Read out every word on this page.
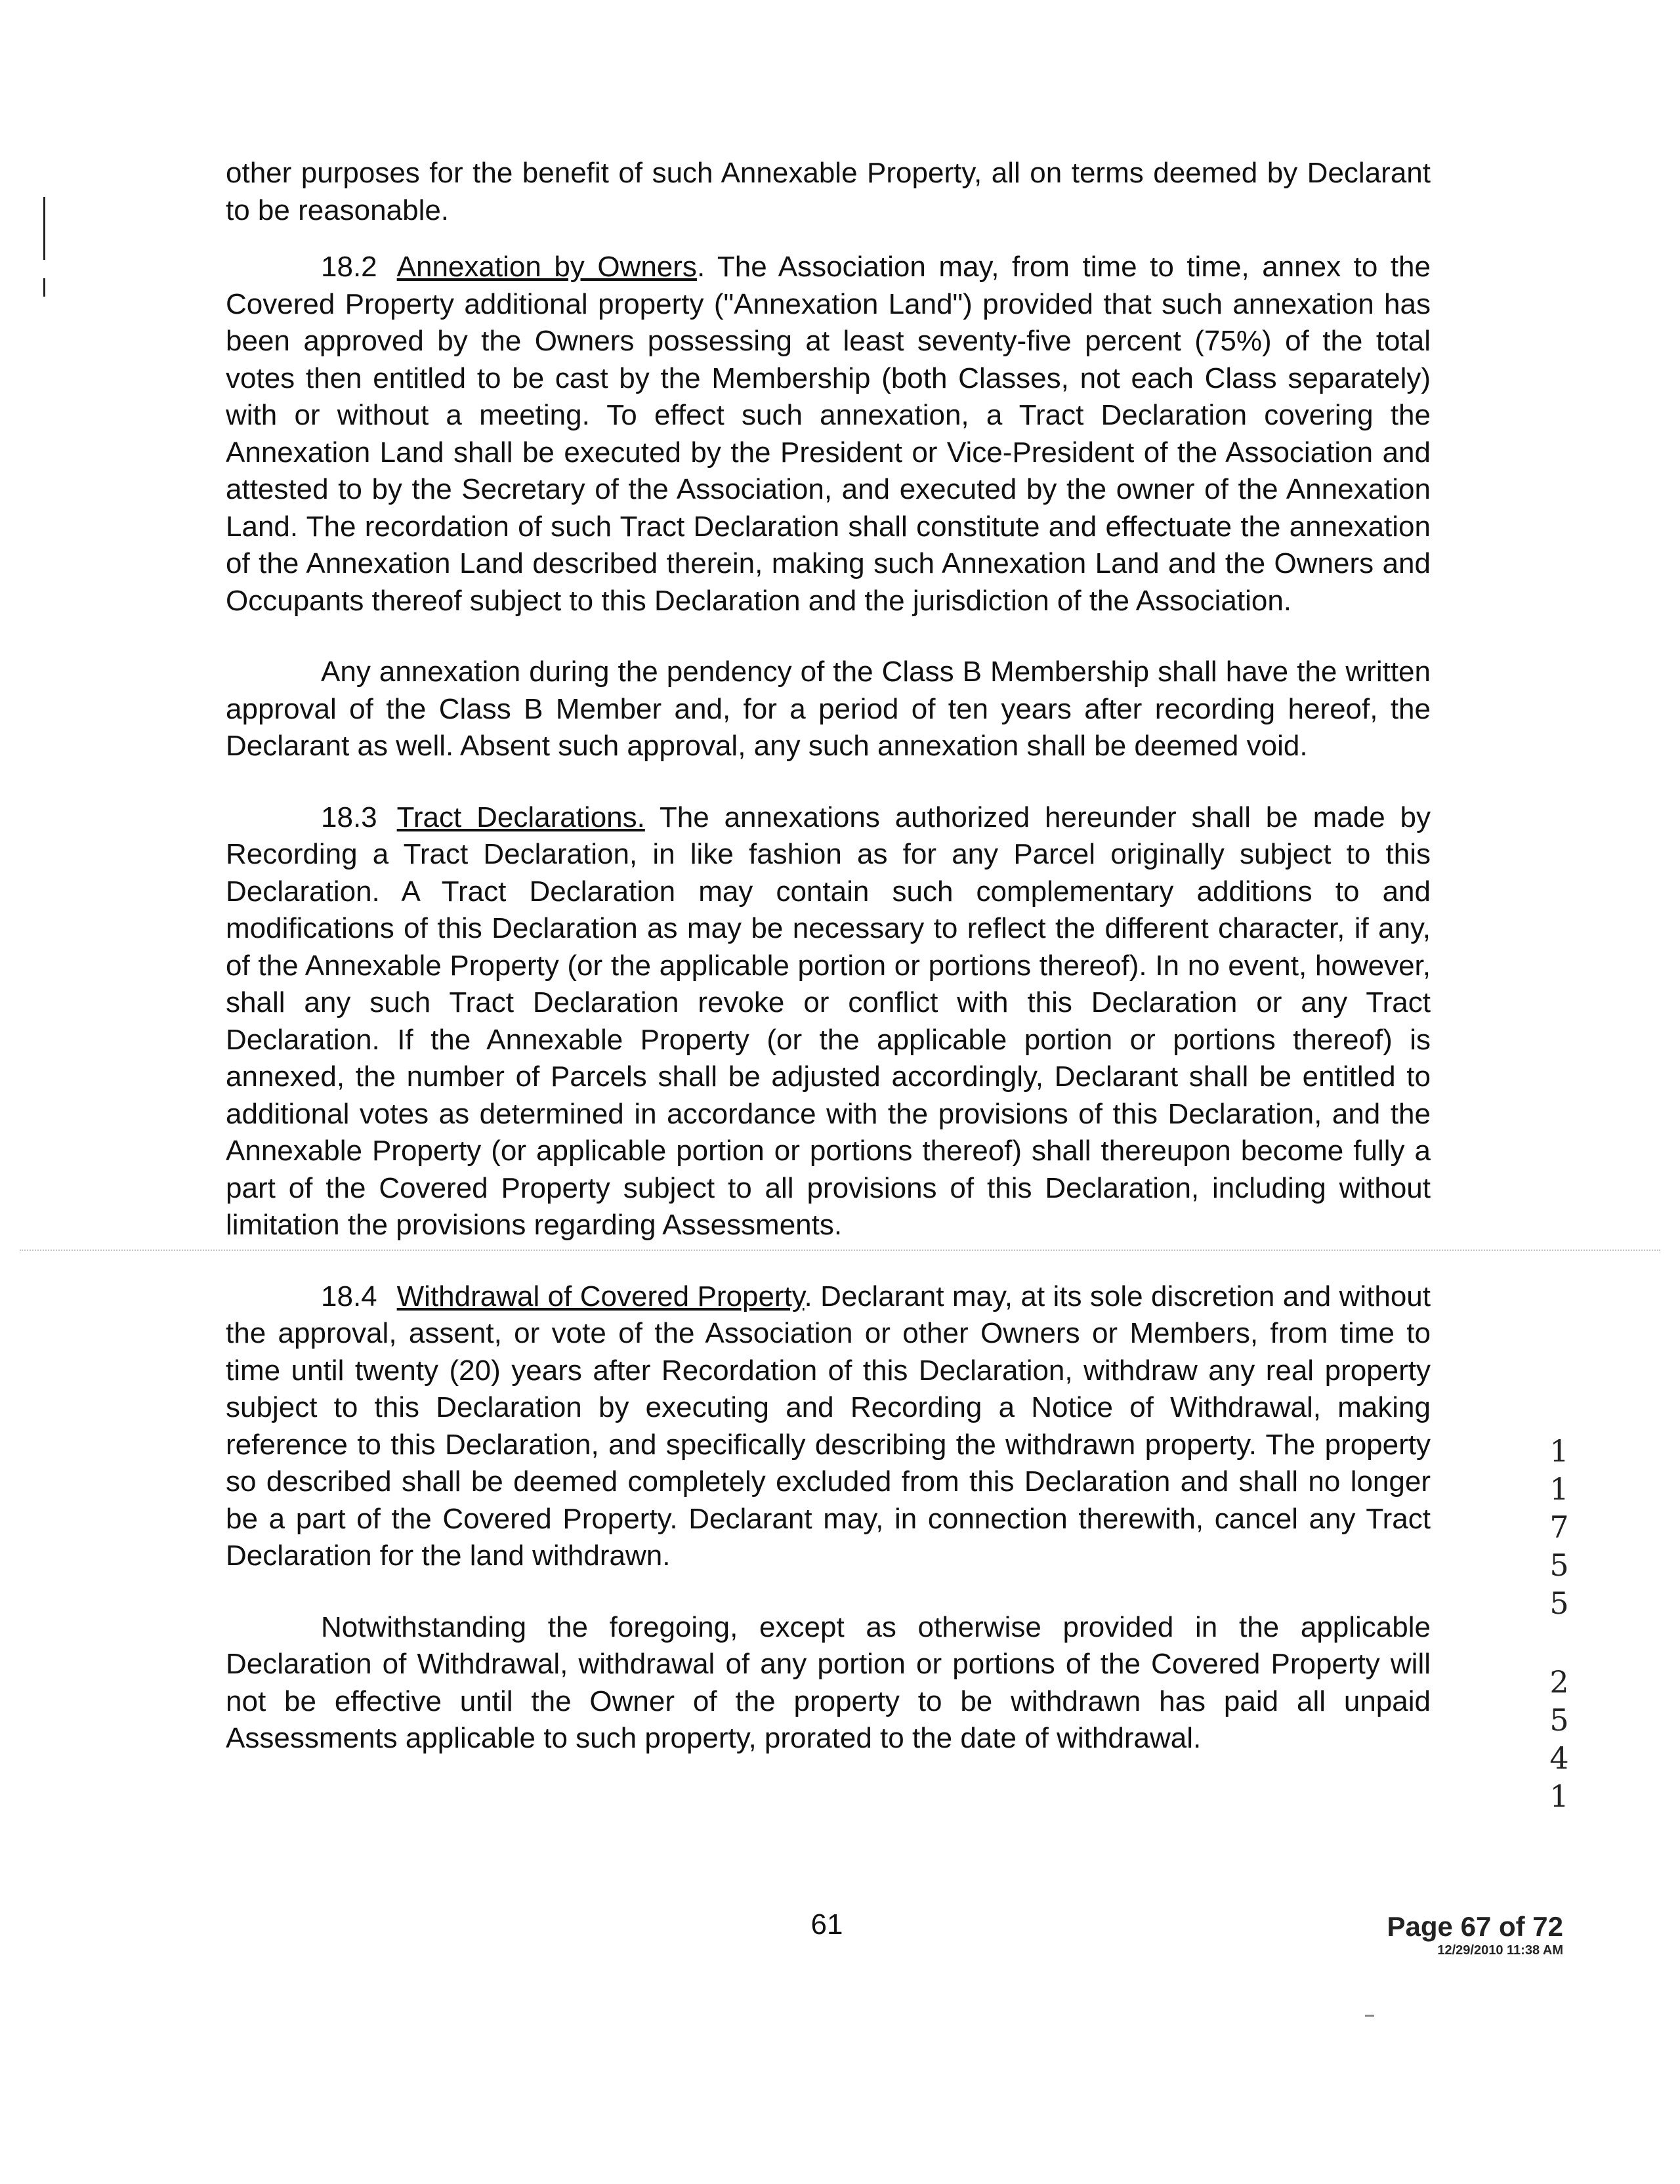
other purposes for the benefit of such Annexable Property, all on terms deemed by Declarant to be reasonable.

18.2 Annexation by Owners. The Association may, from time to time, annex to the Covered Property additional property ("Annexation Land") provided that such annexation has been approved by the Owners possessing at least seventy-five percent (75%) of the total votes then entitled to be cast by the Membership (both Classes, not each Class separately) with or without a meeting. To effect such annexation, a Tract Declaration covering the Annexation Land shall be executed by the President or Vice-President of the Association and attested to by the Secretary of the Association, and executed by the owner of the Annexation Land. The recordation of such Tract Declaration shall constitute and effectuate the annexation of the Annexation Land described therein, making such Annexation Land and the Owners and Occupants thereof subject to this Declaration and the jurisdiction of the Association.

Any annexation during the pendency of the Class B Membership shall have the written approval of the Class B Member and, for a period of ten years after recording hereof, the Declarant as well. Absent such approval, any such annexation shall be deemed void.

18.3 Tract Declarations. The annexations authorized hereunder shall be made by Recording a Tract Declaration, in like fashion as for any Parcel originally subject to this Declaration. A Tract Declaration may contain such complementary additions to and modifications of this Declaration as may be necessary to reflect the different character, if any, of the Annexable Property (or the applicable portion or portions thereof). In no event, however, shall any such Tract Declaration revoke or conflict with this Declaration or any Tract Declaration. If the Annexable Property (or the applicable portion or portions thereof) is annexed, the number of Parcels shall be adjusted accordingly, Declarant shall be entitled to additional votes as determined in accordance with the provisions of this Declaration, and the Annexable Property (or applicable portion or portions thereof) shall thereupon become fully a part of the Covered Property subject to all provisions of this Declaration, including without limitation the provisions regarding Assessments.

18.4 Withdrawal of Covered Property. Declarant may, at its sole discretion and without the approval, assent, or vote of the Association or other Owners or Members, from time to time until twenty (20) years after Recordation of this Declaration, withdraw any real property subject to this Declaration by executing and Recording a Notice of Withdrawal, making reference to this Declaration, and specifically describing the withdrawn property. The property so described shall be deemed completely excluded from this Declaration and shall no longer be a part of the Covered Property. Declarant may, in connection therewith, cancel any Tract Declaration for the land withdrawn.

Notwithstanding the foregoing, except as otherwise provided in the applicable Declaration of Withdrawal, withdrawal of any portion or portions of the Covered Property will not be effective until the Owner of the property to be withdrawn has paid all unpaid Assessments applicable to such property, prorated to the date of withdrawal.

1
1
7
5
5
2
5
4
1
61	Page 67 of 72
12/29/2010 11:38 AM
